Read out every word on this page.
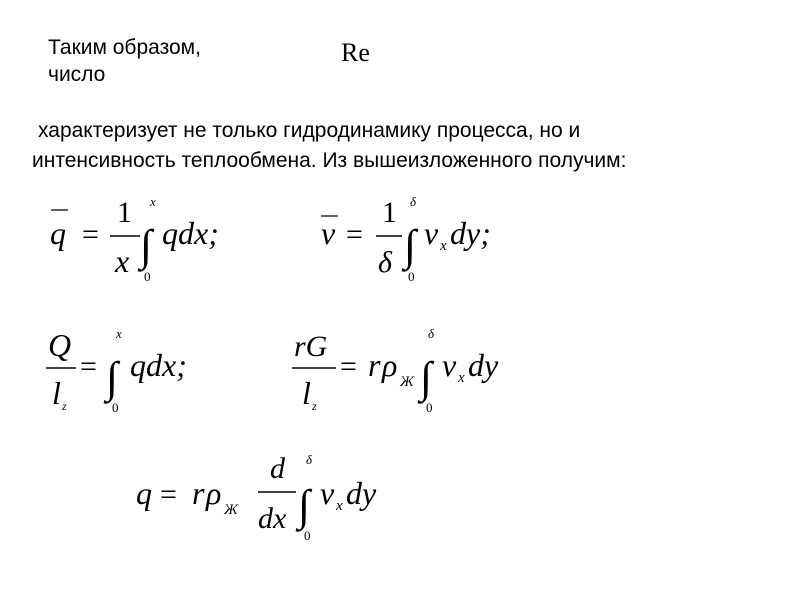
Таким образом,
число
Re
характеризует не только гидродинамику процесса, но и
интенсивность теплообмена. Из вышеизложенного получим:
q =
1
x ∫
x
0
qdx;	v =
1
δ ∫
δ
0
v x dy;
Q
l z
= ∫
x
0
qdx;
rG
l z
= r ρ Ж ∫
δ
0
v x dy
q = r ρ Ж
d
dx ∫
δ
0
v x dy
